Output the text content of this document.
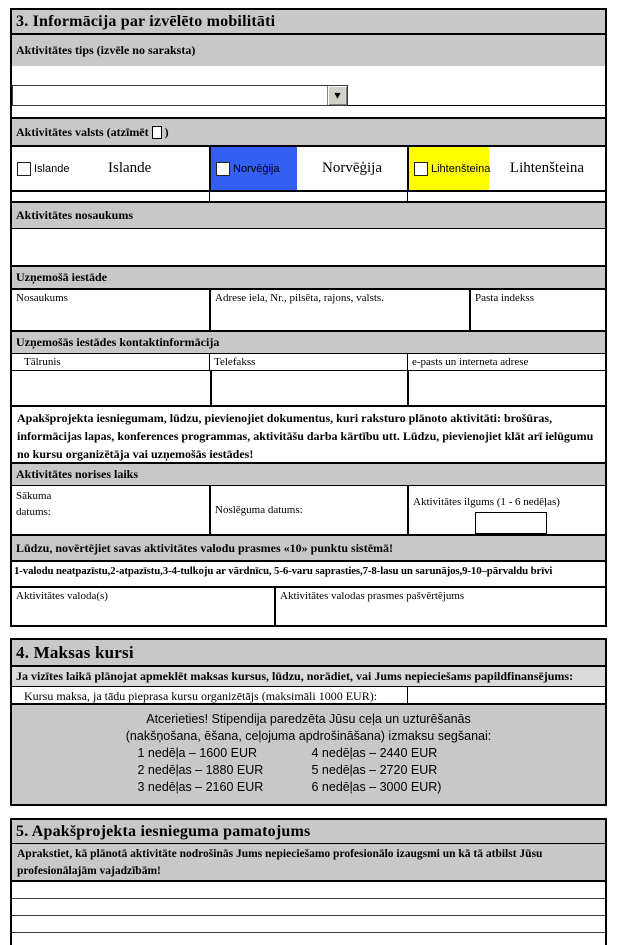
3. Informācija par izvēlēto mobilitāti
Aktivitātes tips (izvēle no saraksta)
▼
Aktivitātes valsts (atzīmēt )
Islande	Islande	Norvēģija	Norvēģija	Lihtenšteina	Lihtenšteina
Aktivitātes nosaukums
Uzņemošā iestāde
Nosaukums	Adrese iela, Nr., pilsēta, rajons, valsts.	Pasta indekss
Uzņemošās iestādes kontaktinformācija
Tālrunis	Telefakss	e-pasts un interneta adrese
Apakšprojekta iesniegumam, lūdzu, pievienojiet dokumentus, kuri raksturo plānoto aktivitāti: brošūras, informācijas lapas, konferences programmas, aktivitāšu darba kārtību utt. Lūdzu, pievienojiet klāt arī ielūgumu no kursu organizētāja vai uzņemošās iestādes!
Aktivitātes norises laiks
Sākuma datums:	Noslēguma datums:
Aktivitātes ilgums (1 - 6 nedēļas)
Lūdzu, novērtējiet savas aktivitātes valodu prasmes «10» punktu sistēmā!
1-valodu neatpazīstu,2-atpazīstu,3-4-tulkoju ar vārdnīcu, 5-6-varu saprasties,7-8-lasu un sarunājos,9-10–pārvaldu brīvi
Aktivitātes valoda(s)	Aktivitātes valodas prasmes pašvērtējums
4. Maksas kursi
Ja vizītes laikā plānojat apmeklēt maksas kursus, lūdzu, norādiet, vai Jums nepieciešams papildfinansējums:
Kursu maksa, ja tādu pieprasa kursu organizētājs (maksimāli 1000 EUR):
Atcerieties! Stipendija paredzēta Jūsu ceļa un uzturēšanās
(nakšņošana, ēšana, ceļojuma apdrošināšana) izmaksu segšanai:
1 nedēļa – 1600 EUR	4 nedēļas – 2440 EUR
2 nedēļas – 1880 EUR	5 nedēļas – 2720 EUR
3 nedēļas – 2160 EUR	6 nedēļas – 3000 EUR)
5. Apakšprojekta iesnieguma pamatojums
Aprakstiet, kā plānotā aktivitāte nodrošinās Jums nepieciešamo profesionālo izaugsmi un kā tā atbilst Jūsu profesionālajām vajadzībām!
